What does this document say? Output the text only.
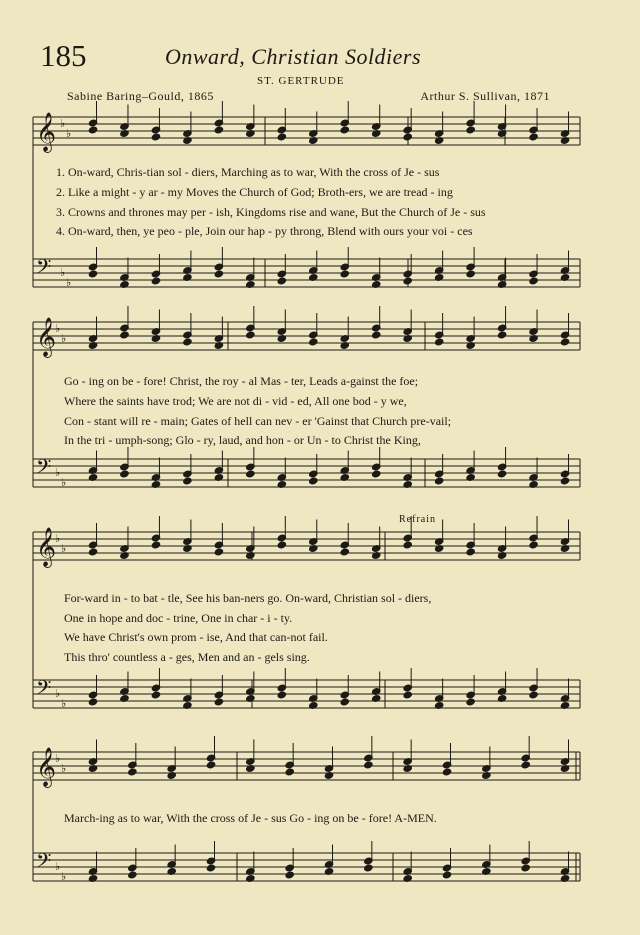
185	Onward, Christian Soldiers
ST. GERTRUDE
Sabine Baring–Gould, 1865	Arthur S. Sullivan, 1871
Refrain
𝄞 ♭
♭
𝄢 ♭
♭
𝄞
♭
♭
𝄢 ♭
♭
𝄞
♭
♭
𝄢 ♭
♭
𝄞
♭
♭
𝄢 ♭
♭
1. On-ward, Chris-tian sol - diers, Marching as to war, With the cross of Je - sus
2. Like a might - y ar - my Moves the Church of God; Broth-ers, we are tread - ing
3. Crowns and thrones may per - ish, Kingdoms rise and wane, But the Church of Je - sus
4. On-ward, then, ye peo - ple, Join our hap - py throng, Blend with ours your voi - ces
Go - ing on be - fore! Christ, the roy - al Mas - ter, Leads a-gainst the foe;
Where the saints have trod; We are not di - vid - ed, All one bod - y we,
Con - stant will re - main; Gates of hell can nev - er 'Gainst that Church pre-vail;
In the tri - umph-song; Glo - ry, laud, and hon - or Un - to Christ the King,
For-ward in - to bat - tle, See his ban-ners go. On-ward, Christian sol - diers,
One in hope and doc - trine, One in char - i - ty.
We have Christ's own prom - ise, And that can-not fail.
This thro' countless a - ges, Men and an - gels sing.
March-ing as to war, With the cross of Je - sus Go - ing on be - fore! A-MEN.
